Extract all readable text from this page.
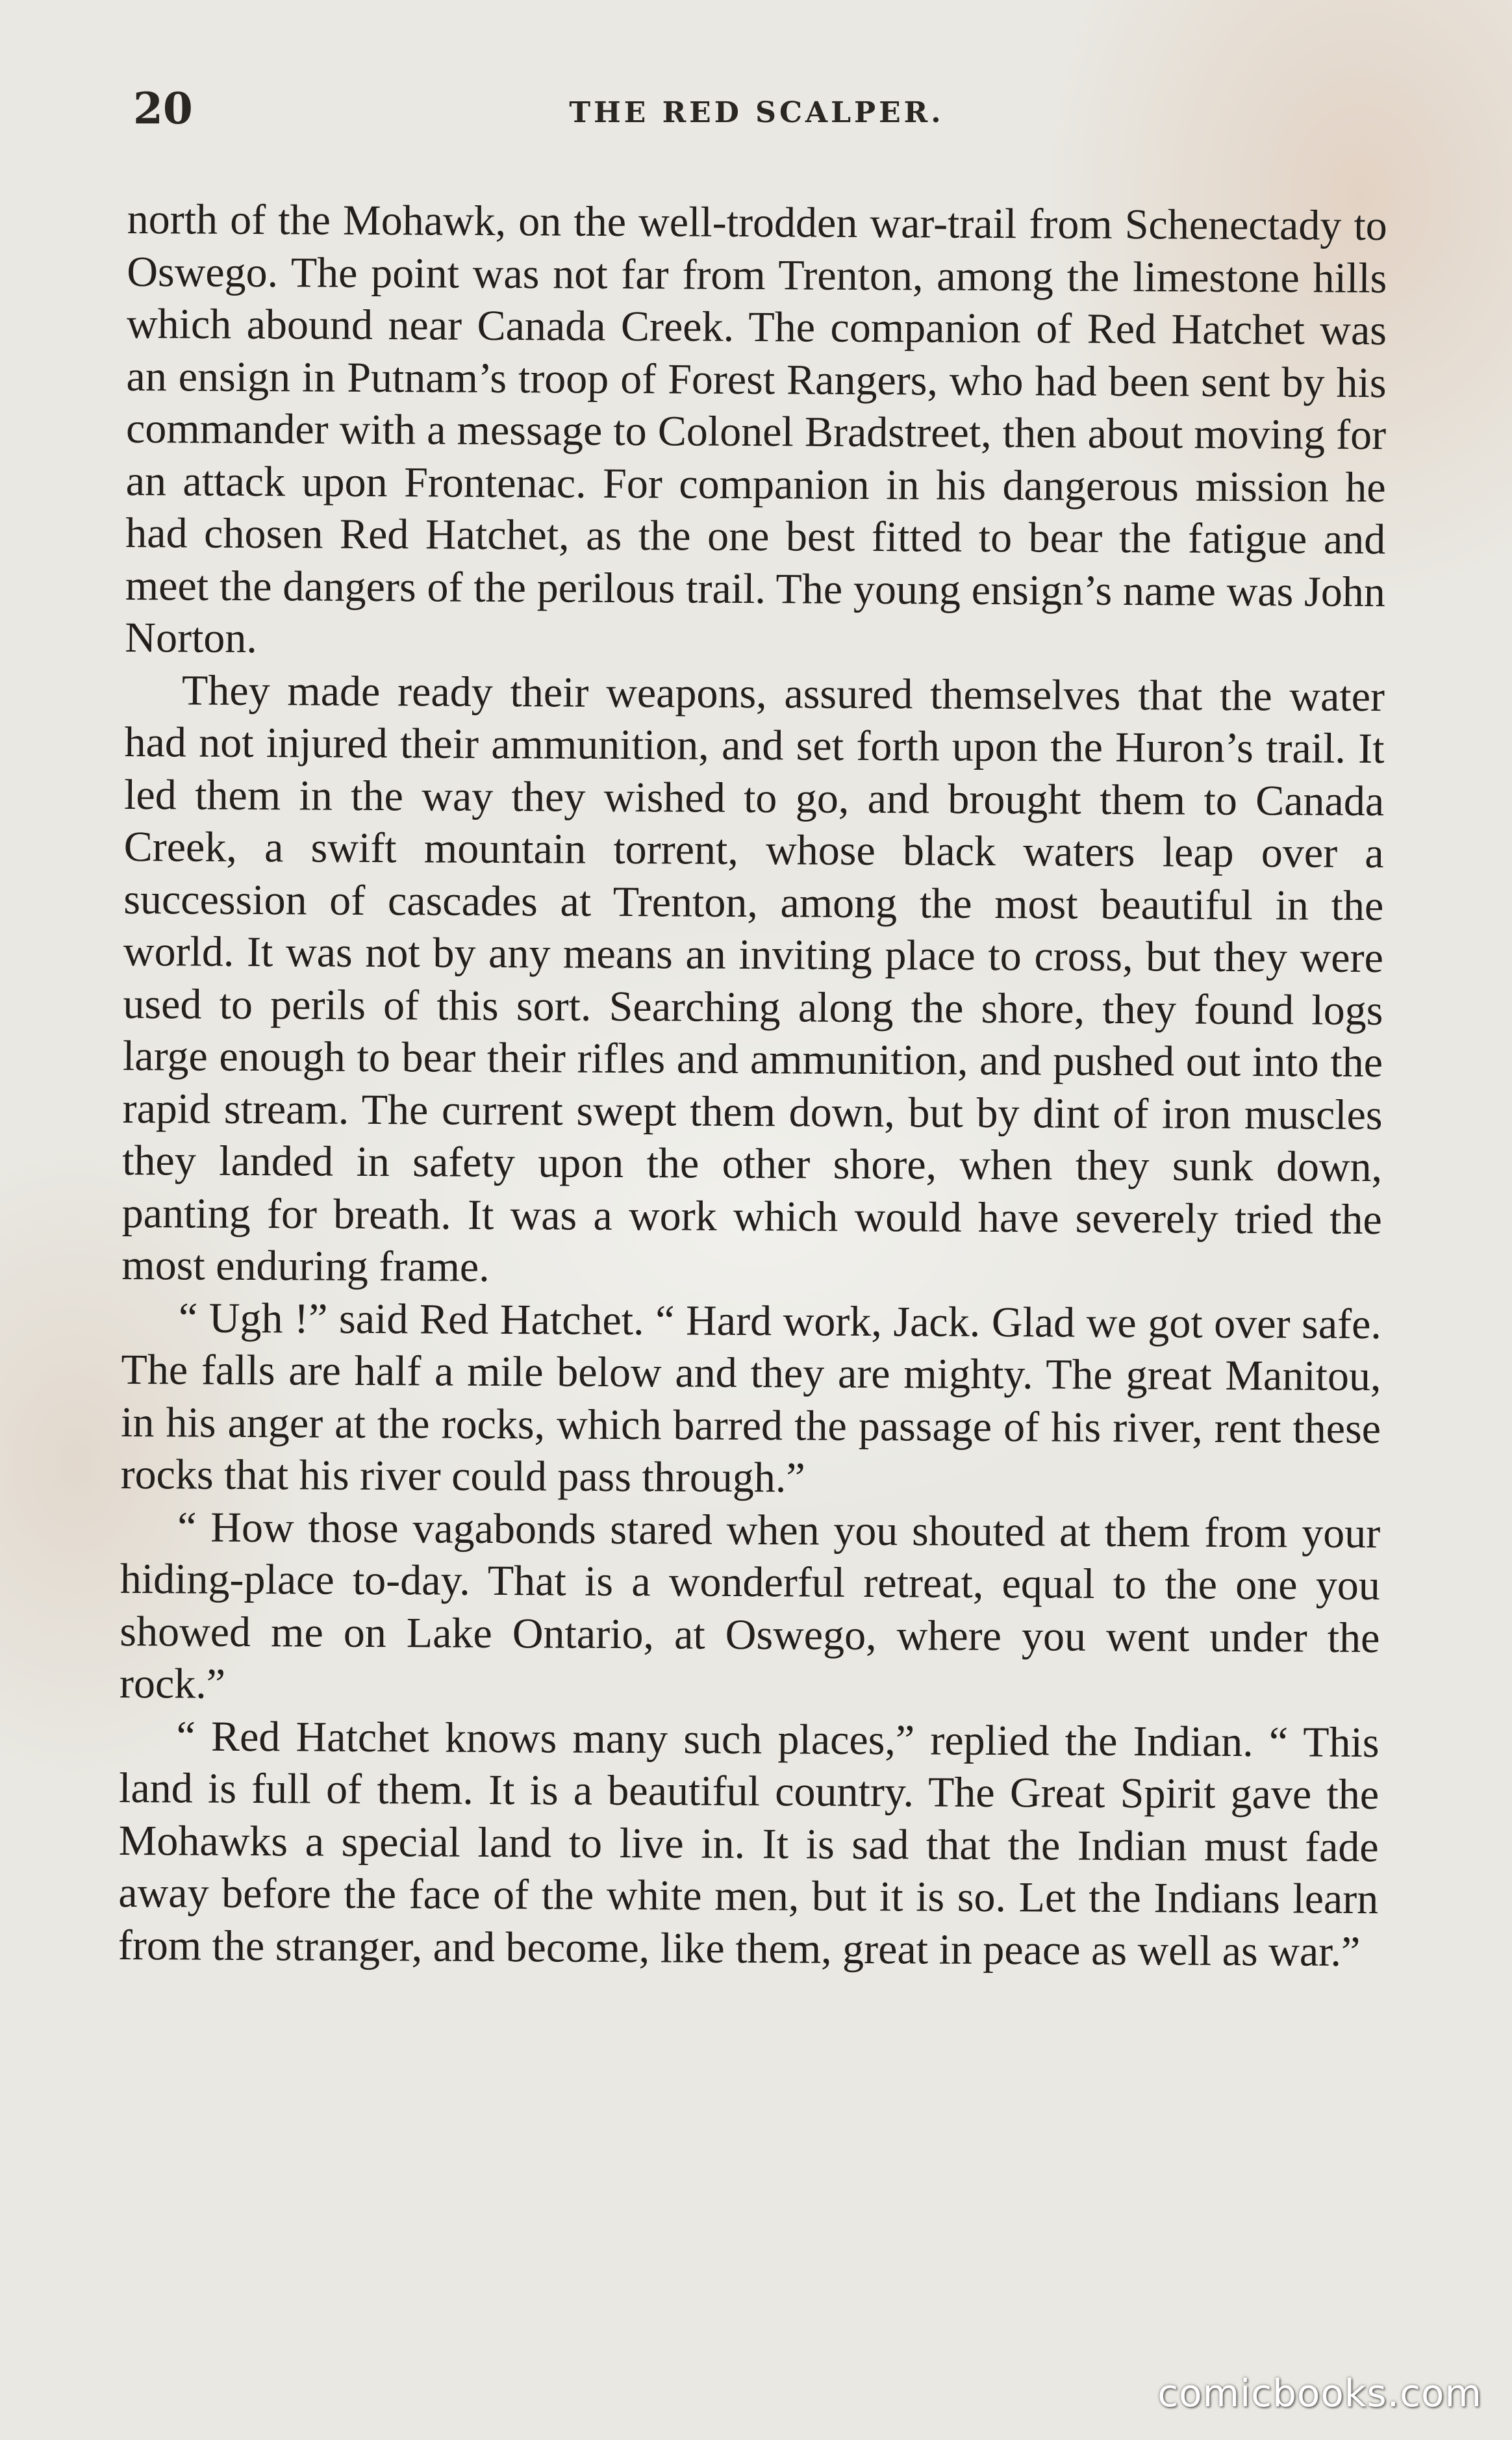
20	THE RED SCALPER.

north of the Mohawk, on the well-trodden war-trail from Schenectady to Oswego. The point was not far from Trenton, among the limestone hills which abound near Canada Creek. The companion of Red Hatchet was an ensign in Putnam’s troop of Forest Rangers, who had been sent by his commander with a message to Colonel Bradstreet, then about moving for an attack upon Frontenac. For companion in his dangerous mission he had chosen Red Hatchet, as the one best fitted to bear the fatigue and meet the dangers of the perilous trail. The young ensign’s name was John Norton.

They made ready their weapons, assured themselves that the water had not injured their ammunition, and set forth upon the Huron’s trail. It led them in the way they wished to go, and brought them to Canada Creek, a swift mountain torrent, whose black waters leap over a succession of cascades at Trenton, among the most beautiful in the world. It was not by any means an inviting place to cross, but they were used to perils of this sort. Searching along the shore, they found logs large enough to bear their rifles and ammunition, and pushed out into the rapid stream. The current swept them down, but by dint of iron muscles they landed in safety upon the other shore, when they sunk down, panting for breath. It was a work which would have severely tried the most enduring frame.

“ Ugh !” said Red Hatchet. “ Hard work, Jack. Glad we got over safe. The falls are half a mile below and they are mighty. The great Manitou, in his anger at the rocks, which barred the passage of his river, rent these rocks that his river could pass through.”

“ How those vagabonds stared when you shouted at them from your hiding-place to-day. That is a wonderful retreat, equal to the one you showed me on Lake Ontario, at Oswego, where you went under the rock.”

“ Red Hatchet knows many such places,” replied the Indian. “ This land is full of them. It is a beautiful country. The Great Spirit gave the Mohawks a special land to live in. It is sad that the Indian must fade away before the face of the white men, but it is so. Let the Indians learn from the stranger, and become, like them, great in peace as well as war.”

comicbooks.com
